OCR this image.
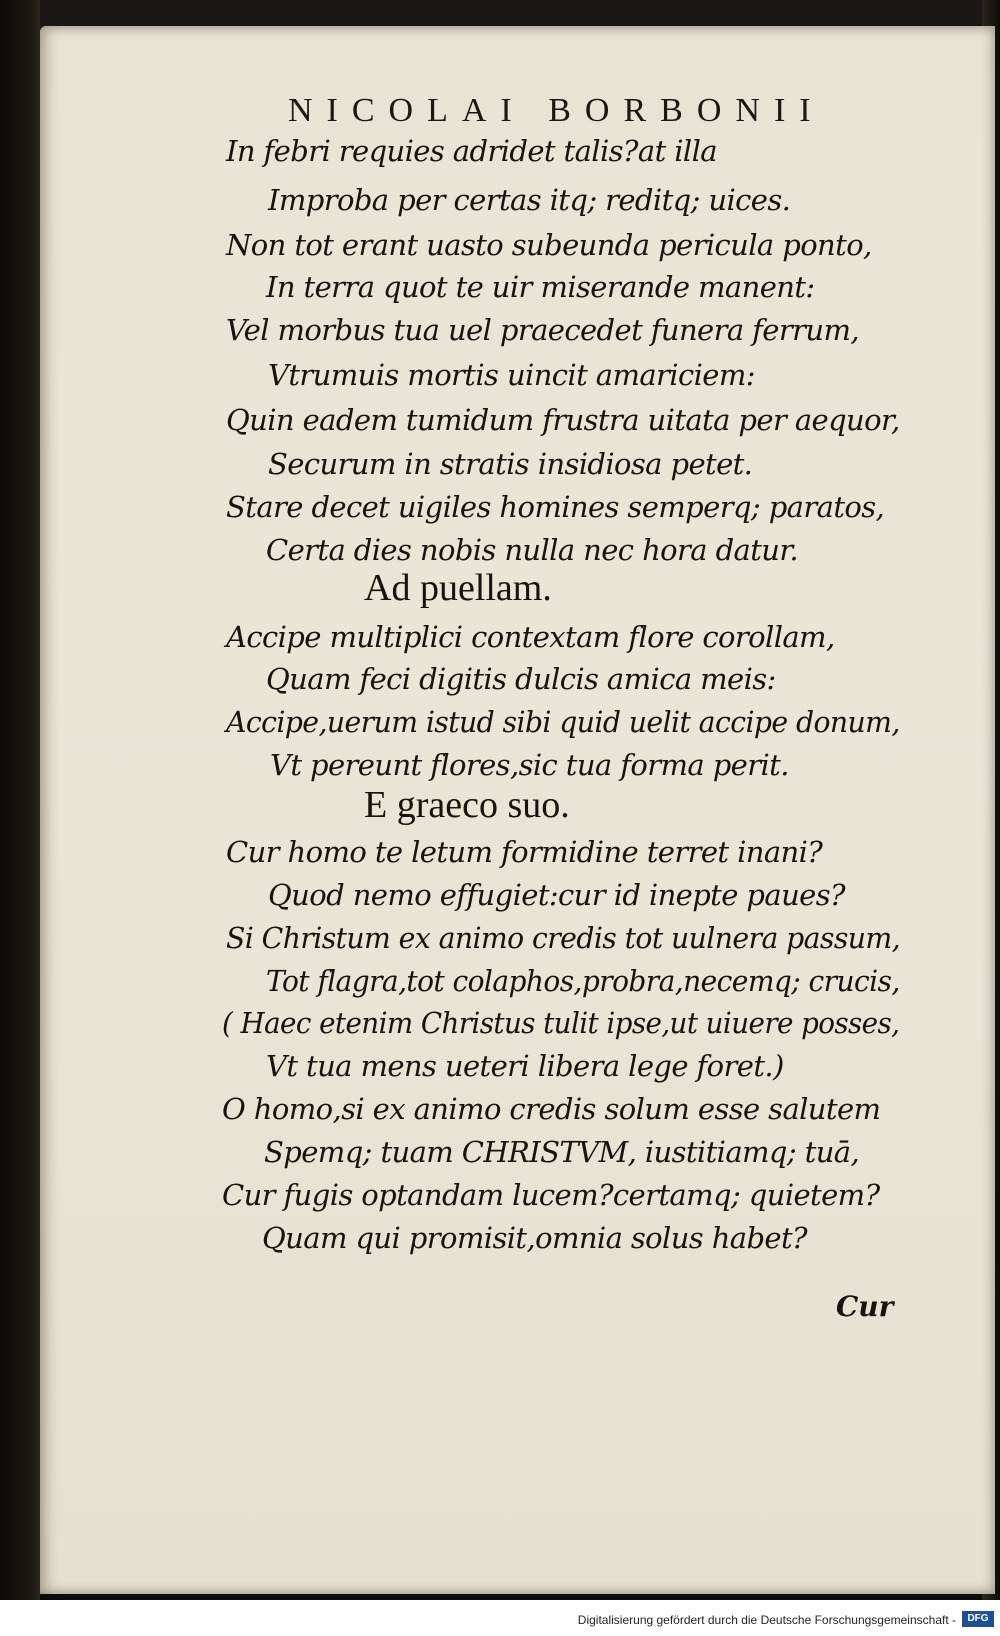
NICOLAI BORBONII
In febri requies adridet talis?at illa
Improba per certas itq; reditq; uices.
Non tot erant uasto subeunda pericula ponto,
In terra quot te uir miserande manent:
Vel morbus tua uel praecedet funera ferrum,
Vtrumuis mortis uincit amariciem:
Quin eadem tumidum frustra uitata per aequor,
Securum in stratis insidiosa petet.
Stare decet uigiles homines semperq; paratos,
Certa dies nobis nulla nec hora datur.
Ad puellam.
Accipe multiplici contextam flore corollam,
Quam feci digitis dulcis amica meis:
Accipe,uerum istud sibi quid uelit accipe donum,
Vt pereunt flores,sic tua forma perit.
E graeco suo.
Cur homo te letum formidine terret inani?
Quod nemo effugiet:cur id inepte paues?
Si Christum ex animo credis tot uulnera passum,
Tot flagra,tot colaphos,probra,necemq; crucis,
( Haec etenim Christus tulit ipse,ut uiuere posses,
Vt tua mens ueteri libera lege foret.)
O homo,si ex animo credis solum esse salutem
Spemq; tuam CHRISTVM, iustitiamq; tuā,
Cur fugis optandam lucem?certamq; quietem?
Quam qui promisit,omnia solus habet?
Cur
Digitalisierung gefördert durch die Deutsche Forschungsgemeinschaft -	DFG
